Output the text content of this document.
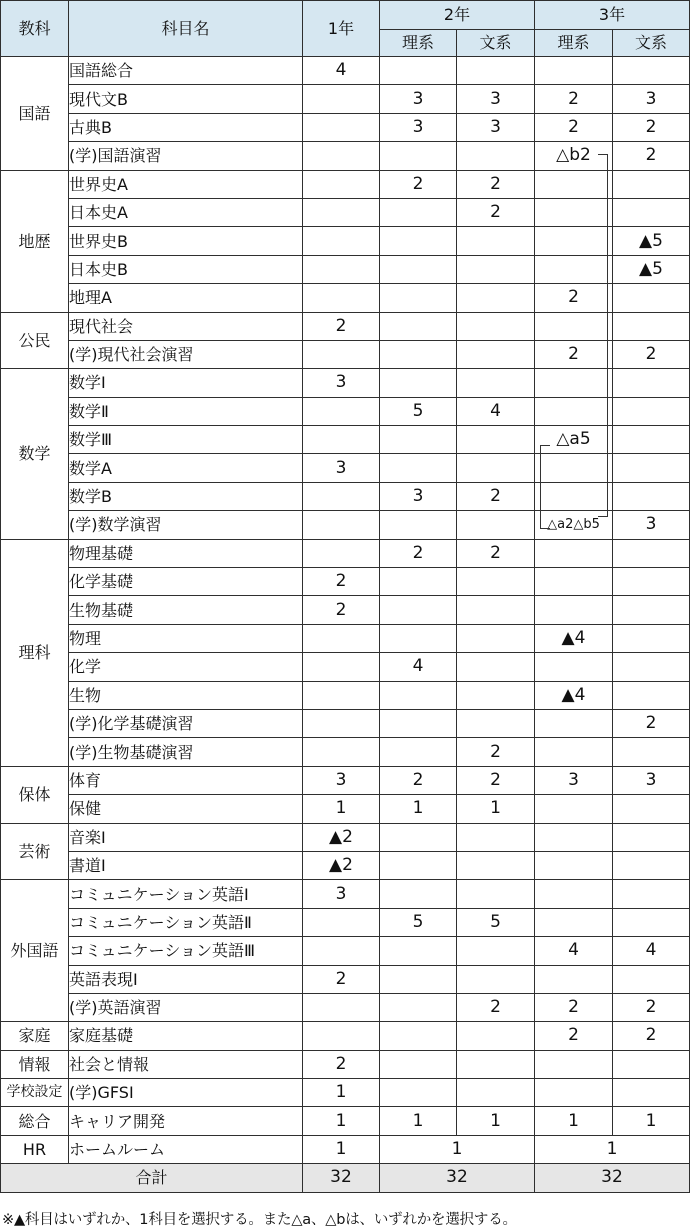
教科	科目名	1年	2年		3年	
			理系	文系	理系	文系
国語	国語総合	4				
	現代文B		3	3	2	3
	古典B		3	3	2	2
	(学)国語演習				△b2	2
地歴	世界史A		2	2		
	日本史A			2		
	世界史B					▲5
	日本史B					▲5
	地理A				2	
公民	現代社会	2				
	(学)現代社会演習				2	2
数学	数学I	3				
	数学Ⅱ		5	4		
	数学Ⅲ				△a5	
	数学A	3				
	数学B		3	2		
	(学)数学演習				△a2△b5	3
理科	物理基礎		2	2		
	化学基礎	2				
	生物基礎	2				
	物理				▲4	
	化学		4			
	生物				▲4	
	(学)化学基礎演習					2
	(学)生物基礎演習			2		
保体	体育	3	2	2	3	3
	保健	1	1	1		
芸術	音楽I	▲2				
	書道I	▲2				
外国語	コミュニケーション英語I	3				
	コミュニケーション英語Ⅱ		5	5		
	コミュニケーション英語Ⅲ				4	4
	英語表現I	2				
	(学)英語演習			2	2	2
家庭	家庭基礎				2	2
情報	社会と情報	2				
学校設定	(学)GFSI	1				
総合	キャリア開発	1	1	1	1	1
HR	ホームルーム	1	1		1	
合計		32	32		32	
※▲科目はいずれか、1科目を選択する。また△a、△bは、いずれかを選択する。
